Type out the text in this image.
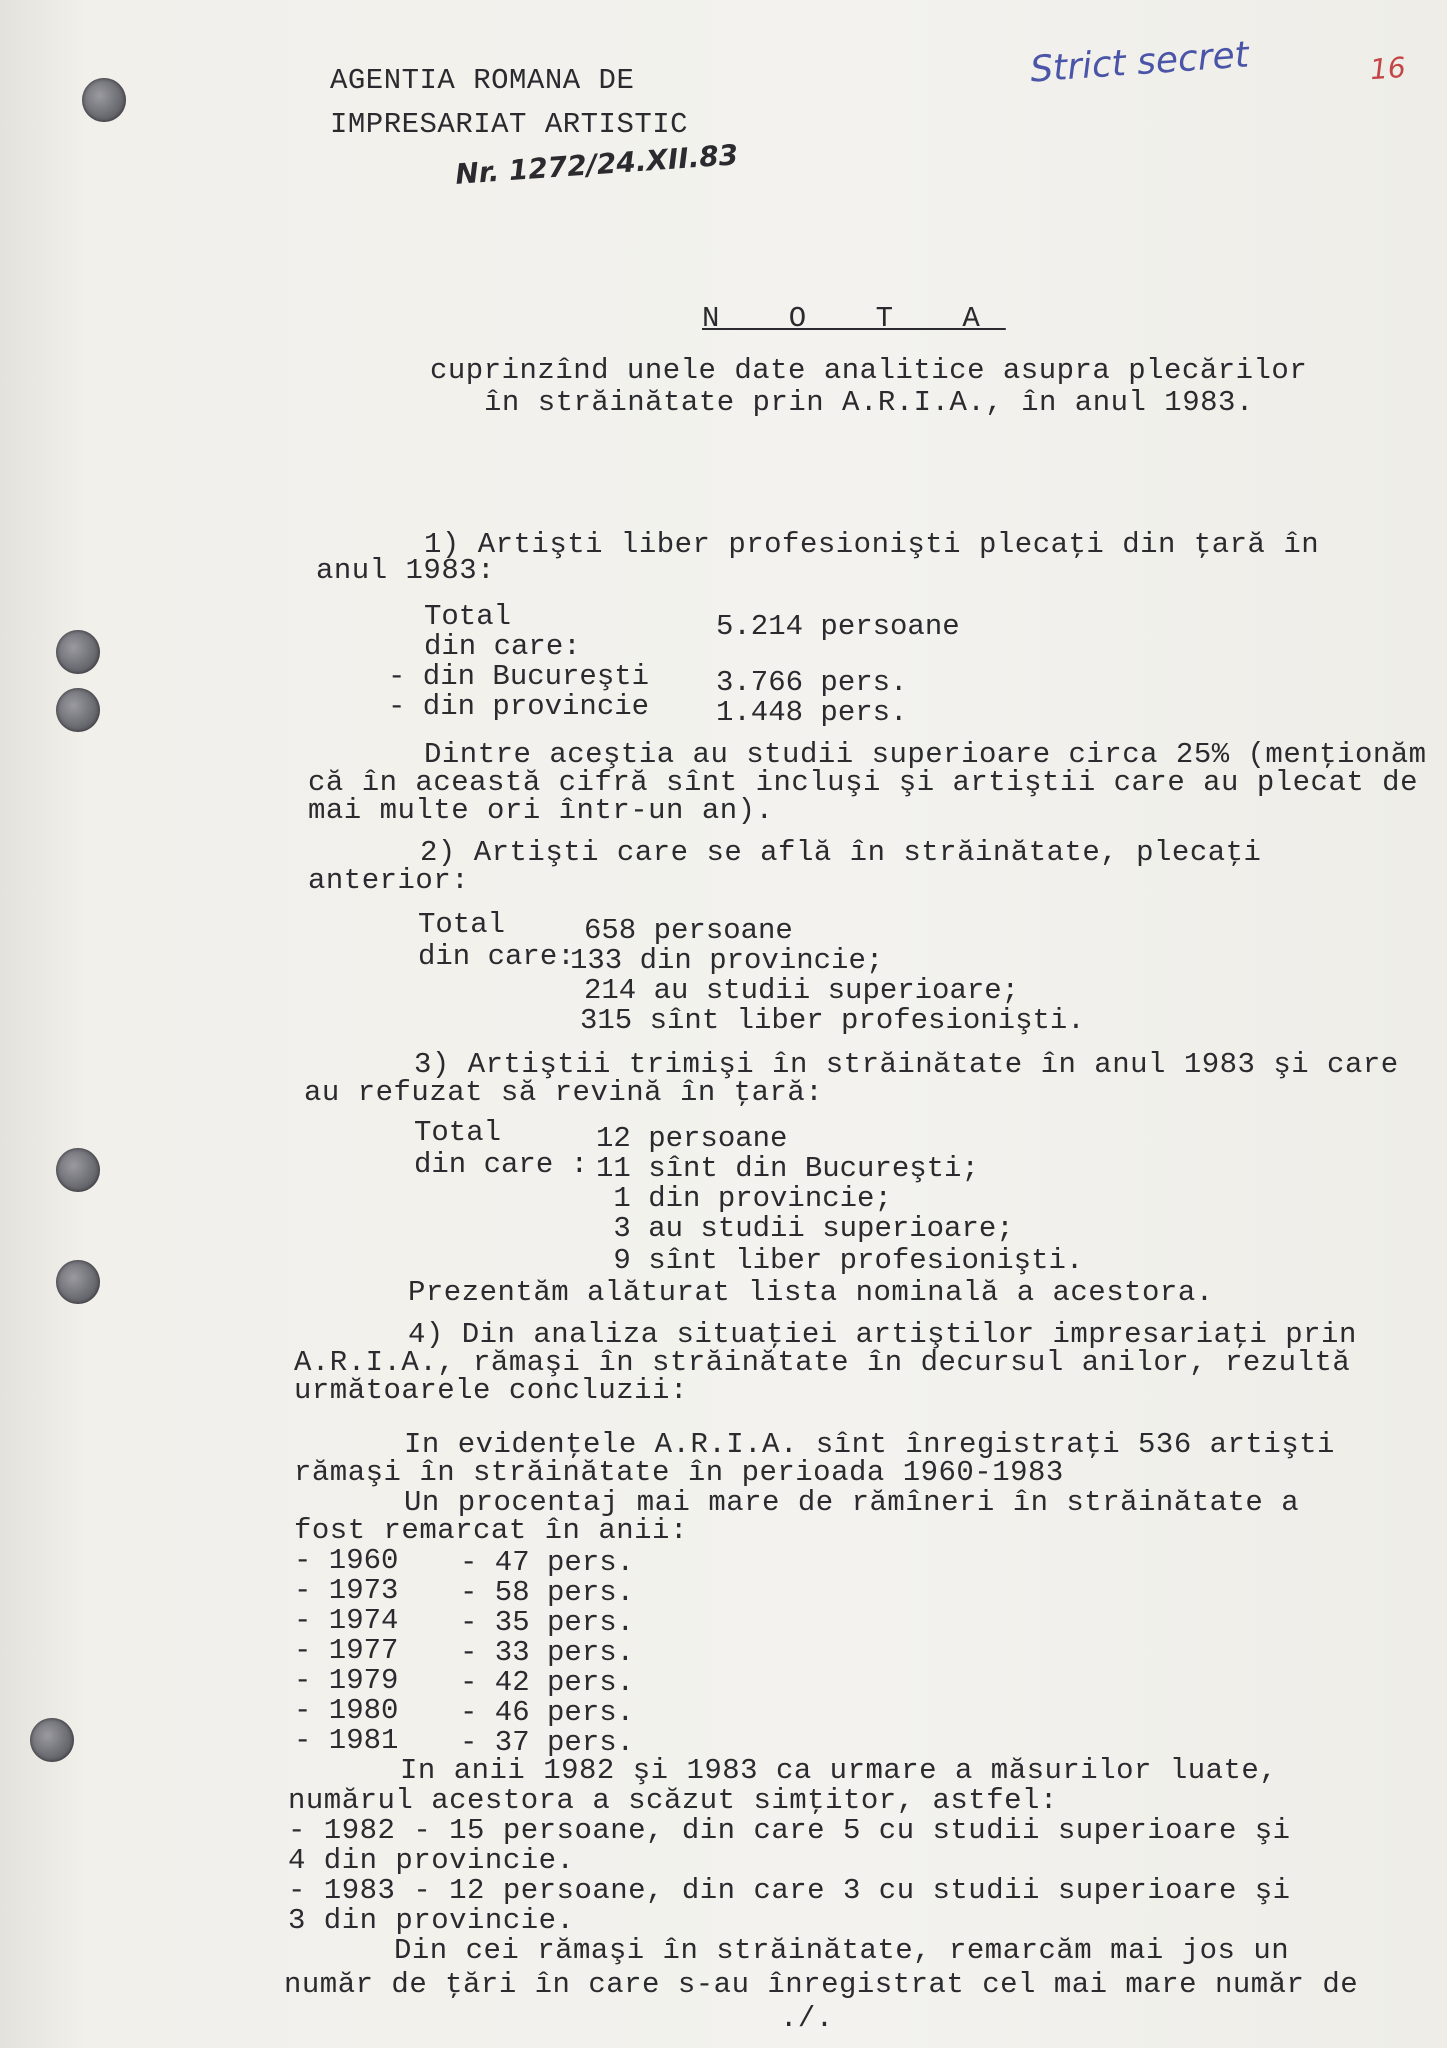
AGENTIA ROMANA DE
IMPRESARIAT ARTISTIC
Nr. 1272/24.XII.83
Strict secret	16
N O T A
cuprinzînd unele date analitice asupra plecărilor
în străinătate prin A.R.I.A., în anul 1983.
1) Artişti liber profesionişti plecaţi din ţară în
anul 1983:
Total	5.214 persoane
din care:
- din Bucureşti 3.766 pers.
- din provincie 1.448 pers.
Dintre aceştia au studii superioare circa 25% (menţionăm
că în această cifră sînt incluşi şi artiştii care au plecat de
mai multe ori într-un an).
2) Artişti care se află în străinătate, plecaţi
anterior:
Total	658 persoane
din care:
133 din provincie;
214 au studii superioare;
315 sînt liber profesionişti.
3) Artiştii trimişi în străinătate în anul 1983 şi care
au refuzat să revină în ţară:
Total	12 persoane
din care : 11 sînt din Bucureşti;
1 din provincie;
3 au studii superioare;
9 sînt liber profesionişti.
Prezentăm alăturat lista nominală a acestora.
4) Din analiza situaţiei artiştilor impresariaţi prin
A.R.I.A., rămaşi în străinătate în decursul anilor, rezultă
următoarele concluzii:
In evidenţele A.R.I.A. sînt înregistraţi 536 artişti
rămaşi în străinătate în perioada 1960-1983
Un procentaj mai mare de rămîneri în străinătate a
fost remarcat în anii:
- 1960 - 47 pers.
- 1973 - 58 pers.
- 1974 - 35 pers.
- 1977 - 33 pers.
- 1979 - 42 pers.
- 1980 - 46 pers.
- 1981 - 37 pers.
In anii 1982 şi 1983 ca urmare a măsurilor luate,
numărul acestora a scăzut simţitor, astfel:
- 1982 - 15 persoane, din care 5 cu studii superioare şi
4 din provincie.
- 1983 - 12 persoane, din care 3 cu studii superioare şi
3 din provincie.
Din cei rămaşi în străinătate, remarcăm mai jos un
număr de ţări în care s-au înregistrat cel mai mare număr de
./.
